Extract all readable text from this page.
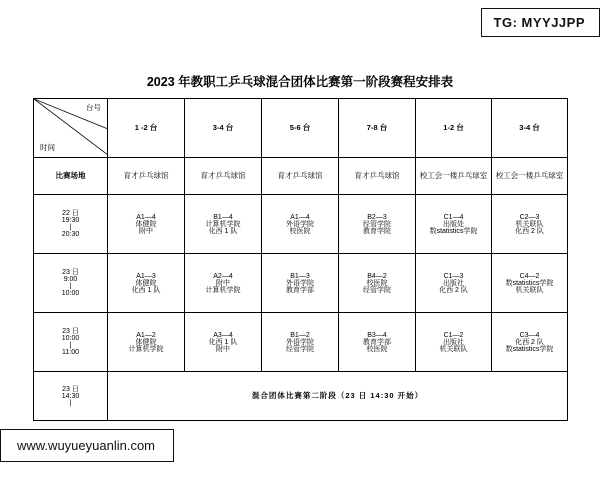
TG: MYYJJPP
2023 年教职工乒乓球混合团体比赛第一阶段赛程安排表
台号
时间	1 -2 台	3-4 台	5-6 台	7-8 台	1-2 台	3-4 台
比赛场地	育才乒乓球馆	育才乒乓球馆	育才乒乓球馆	育才乒乓球馆	校工会一楼乒乓球室	校工会一楼乒乓球室

22 日
19:30
|
20:30	A1—4
体健院
附中	B1—4
计算机学院
化西 1 队	A1—4
外语学院
校医院	B2—3
经管学院
教育学院	C1—4
出版处
数statistics学院	C2—3
机关联队
化西 2 队

23 日
9:00
|
10:00	A1—3
体健院
化西 1 队	A2—4
附中
计算机学院	B1—3
外语学院
教育学部	B4—2
校医院
经管学院	C1—3
出版社
化西 2 队	C4—2
数statistics学院
机关联队

23 日
10:00
|
11:00	A1—2
体健院
计算机学院	A3—4
化西 1 队
附中	B1—2
外语学院
经管学院	B3—4
教育学部
校医院	C1—2
出版社
机关联队	C3—4
化西 2 队
数statistics学院

23 日
14:30
|	混合团体比赛第二阶段（23 日 14:30 开始）					
www.wuyueyuanlin.com
